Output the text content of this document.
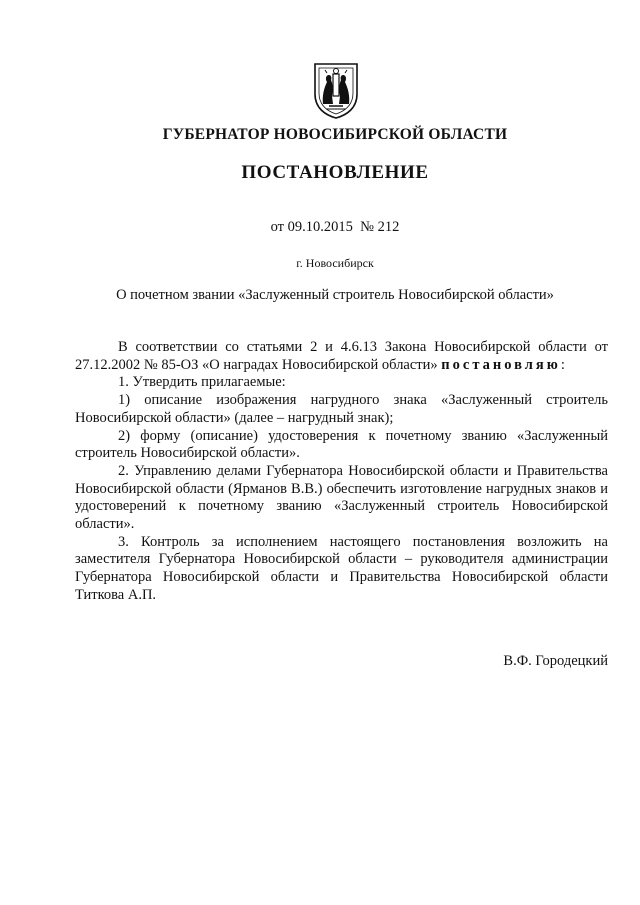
ГУБЕРНАТОР НОВОСИБИРСКОЙ ОБЛАСТИ
ПОСТАНОВЛЕНИЕ
от 09.10.2015 № 212
г. Новосибирск
О почетном звании «Заслуженный строитель Новосибирской области»

В соответствии со статьями 2 и 4.6.13 Закона Новосибирской области от 27.12.2002 № 85-ОЗ «О наградах Новосибирской области» постановляю:

1. Утвердить прилагаемые:

1) описание изображения нагрудного знака «Заслуженный строитель Новосибирской области» (далее – нагрудный знак);

2) форму (описание) удостоверения к почетному званию «Заслуженный строитель Новосибирской области».

2. Управлению делами Губернатора Новосибирской области и Правительства Новосибирской области (Ярманов В.В.) обеспечить изготовление нагрудных знаков и удостоверений к почетному званию «Заслуженный строитель Новосибирской области».

3. Контроль за исполнением настоящего постановления возложить на заместителя Губернатора Новосибирской области – руководителя администрации Губернатора Новосибирской области и Правительства Новосибирской области Титкова А.П.

В.Ф. Городецкий
